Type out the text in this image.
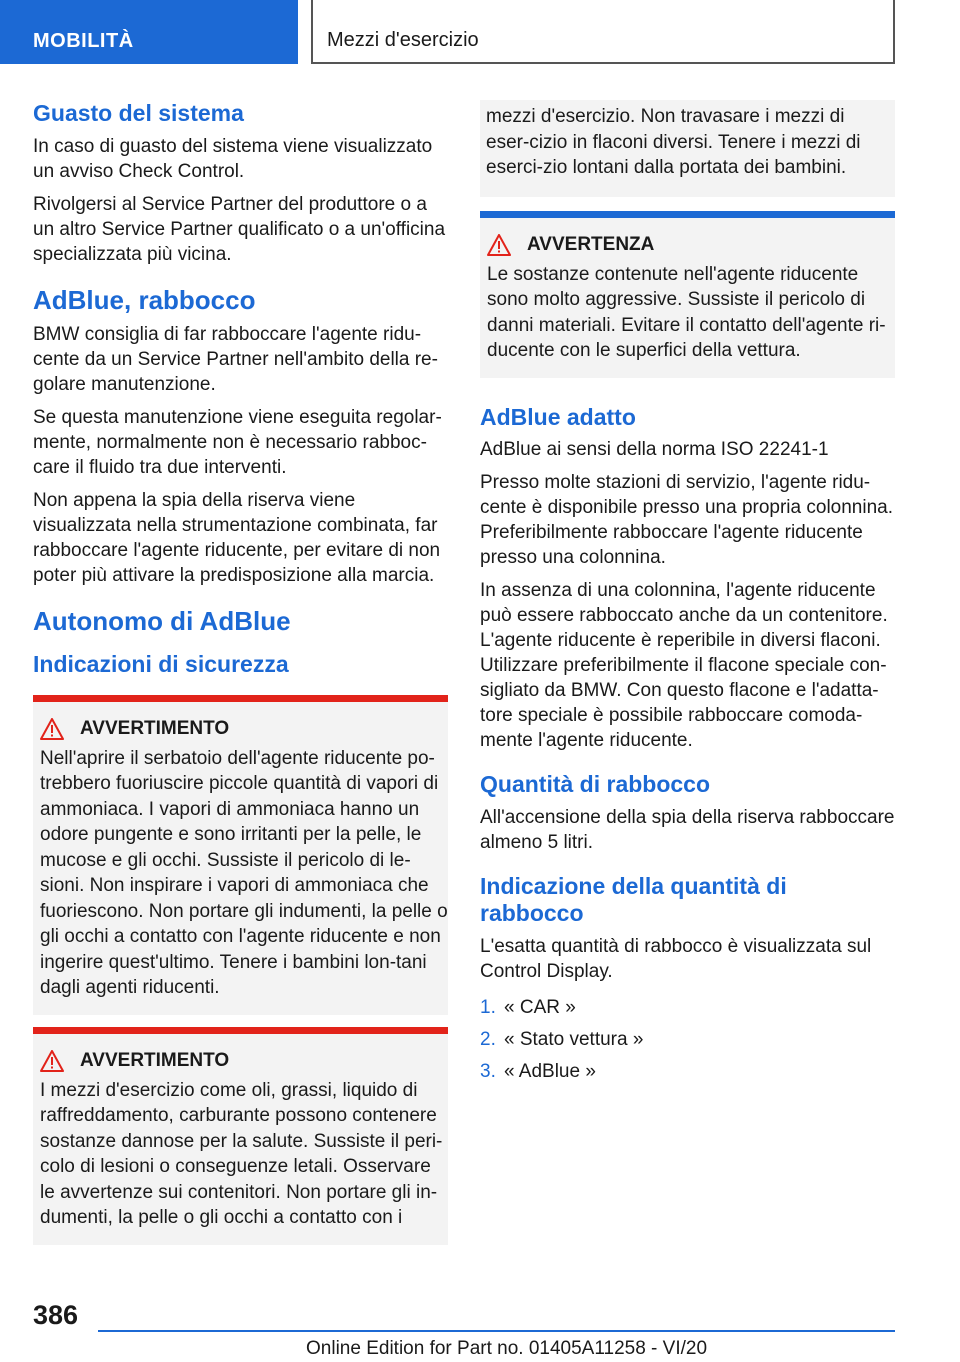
MOBILITÀ	Mezzi d'esercizio
Guasto del sistema

In caso di guasto del sistema viene visualizzato un avviso Check Control.

Rivolgersi al Service Partner del produttore o a un altro Service Partner qualificato o a un'officina specializzata più vicina.

AdBlue, rabbocco

BMW consiglia di far rabboccare l'agente ridu-cente da un Service Partner nell'ambito della re-golare manutenzione.

Se questa manutenzione viene eseguita regolar-mente, normalmente non è necessario rabboc-care il fluido tra due interventi.

Non appena la spia della riserva viene visualizzata nella strumentazione combinata, far rabboccare l'agente riducente, per evitare di non poter più attivare la predisposizione alla marcia.

Autonomo di AdBlue
Indicazioni di sicurezza
AVVERTIMENTO
Nell'aprire il serbatoio dell'agente riducente po-trebbero fuoriuscire piccole quantità di vapori di ammoniaca. I vapori di ammoniaca hanno un odore pungente e sono irritanti per la pelle, le mucose e gli occhi. Sussiste il pericolo di le-sioni. Non inspirare i vapori di ammoniaca che fuoriescono. Non portare gli indumenti, la pelle o gli occhi a contatto con l'agente riducente e non ingerire quest'ultimo. Tenere i bambini lon-tani dagli agenti riducenti.
AVVERTIMENTO
I mezzi d'esercizio come oli, grassi, liquido di raffreddamento, carburante possono contenere sostanze dannose per la salute. Sussiste il peri-colo di lesioni o conseguenze letali. Osservare le avvertenze sui contenitori. Non portare gli in-dumenti, la pelle o gli occhi a contatto con i
mezzi d'esercizio. Non travasare i mezzi di eser-cizio in flaconi diversi. Tenere i mezzi di eserci-zio lontani dalla portata dei bambini.
AVVERTENZA
Le sostanze contenute nell'agente riducente sono molto aggressive. Sussiste il pericolo di danni materiali. Evitare il contatto dell'agente ri-ducente con le superfici della vettura.
AdBlue adatto

AdBlue ai sensi della norma ISO 22241-1

Presso molte stazioni di servizio, l'agente ridu-cente è disponibile presso una propria colonnina. Preferibilmente rabboccare l'agente riducente presso una colonnina.

In assenza di una colonnina, l'agente riducente può essere rabboccato anche da un contenitore. L'agente riducente è reperibile in diversi flaconi. Utilizzare preferibilmente il flacone speciale con-sigliato da BMW. Con questo flacone e l'adatta-tore speciale è possibile rabboccare comoda-mente l'agente riducente.

Quantità di rabbocco

All'accensione della spia della riserva rabboccare almeno 5 litri.

Indicazione della quantità di rabbocco

L'esatta quantità di rabbocco è visualizzata sul Control Display.

1. « CAR »
2. « Stato vettura »
3. « AdBlue »
386
Online Edition for Part no. 01405A11258 - VI/20
